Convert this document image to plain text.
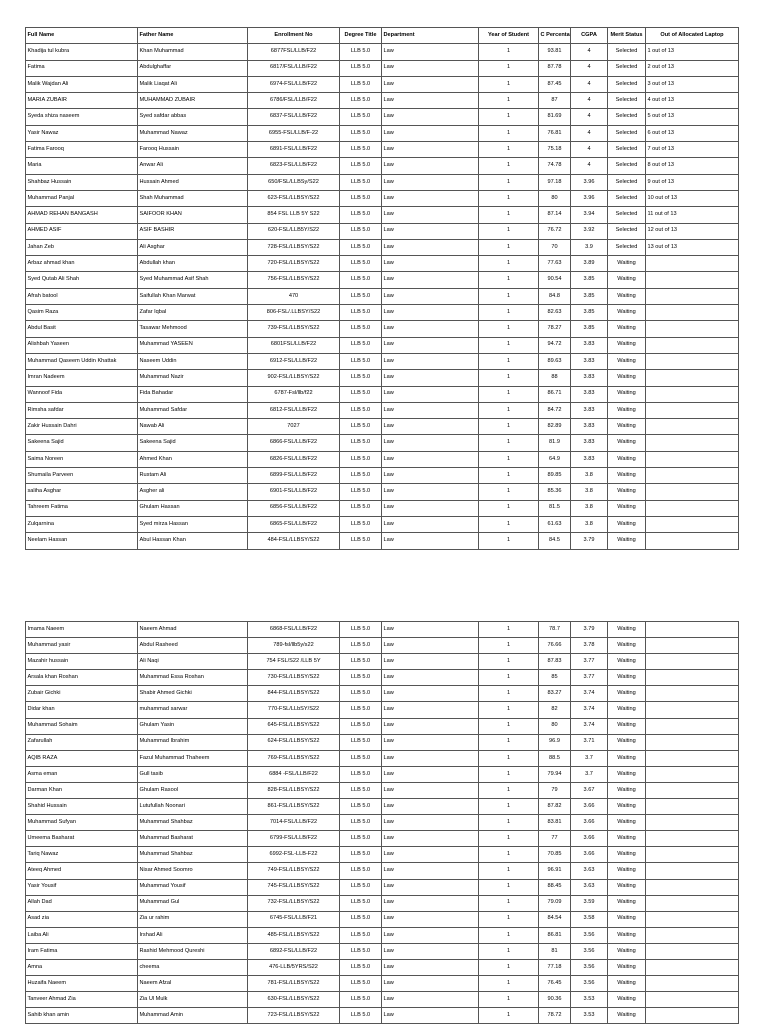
Full Name	Father Name	Enrollment No	Degree Title	Department	Year of Student	C Percenta	CGPA	Merit Status	Out of Allocated Laptop
Khadija tul kubra	Khan Muhammad	6877FSL/LLB/F22	LLB 5.0	Law	1	93.81	4	Selected	1 out of 13
Fatima	Abdulghaffar	6817/FSL/LLB/F22	LLB 5.0	Law	1	87.78	4	Selected	2 out of 13
Malik Wajdan Ali	Malik Liaqat Ali	6974-FSL/LLB/F22	LLB 5.0	Law	1	87.45	4	Selected	3 out of 13
MARIA ZUBAIR	MUHAMMAD ZUBAIR	6786/FSL/LLB/F22	LLB 5.0	Law	1	87	4	Selected	4 out of 13
Syeda shiza naseem	Syed safdar abbas	6837-FSL/LLB/F22	LLB 5.0	Law	1	81.69	4	Selected	5 out of 13
Yasir Nawaz	Muhammad Nawaz	6955-FSL/LLB/F-22	LLB 5.0	Law	1	76.81	4	Selected	6 out of 13
Fatima Farooq	Farooq Hussain	6891-FSL/LLB/F22	LLB 5.0	Law	1	75.18	4	Selected	7 out of 13
Maria	Anwar Ali	6823-FSL/LLB/F22	LLB 5.0	Law	1	74.78	4	Selected	8 out of 13
Shahbaz Hussain	Hussain Ahmed	650/FSL/LLBSy/S22	LLB 5.0	Law	1	97.18	3.96	Selected	9 out of 13
Muhammad Panjal	Shah Muhammad	623-FSL/LLBSY/S22	LLB 5.0	Law	1	80	3.96	Selected	10 out of 13
AHMAD REHAN BANGASH	SAIFOOR KHAN	854 FSL LLB 5Y S22	LLB 5.0	Law	1	87.14	3.94	Selected	11 out of 13
AHMED ASIF	ASIF BASHIR	620-FSL/LLB5Y/S22	LLB 5.0	Law	1	76.72	3.92	Selected	12 out of 13
Jahan Zeb	Ali Asghar	728-FSL/LLBSY/S22	LLB 5.0	Law	1	70	3.9	Selected	13 out of 13
Arbaz ahmad khan	Abdullah khan	720-FSL/LLBSY/S22	LLB 5.0	Law	1	77.63	3.89	Waiting	
Syed Qutab Ali Shah	Syed Muhammad Asif Shah	756-FSL/LLBSY/S22	LLB 5.0	Law	1	90.54	3.85	Waiting	
Afrah batool	Saifullah Khan Marwat	470	LLB 5.0	Law	1	84.8	3.85	Waiting	
Qasim Raza	Zafar Iqbal	806-FSL/.LLBSY/S22	LLB 5.0	Law	1	82.63	3.85	Waiting	
Abdul Basit	Tasawar Mehmood	739-FSL/LLBSY/S22	LLB 5.0	Law	1	78.27	3.85	Waiting	
Alishbah Yaseen	Muhammad YASEEN	6801FSL/LLB/F22	LLB 5.0	Law	1	94.72	3.83	Waiting	
Muhammad Qaseem Uddin Khattak	Naseem Uddin	6912-FSL/LLB/F22	LLB 5.0	Law	1	89.63	3.83	Waiting	
Imran Nadeem	Muhammad Nazir	902-FSL/LLBSY/S22	LLB 5.0	Law	1	88	3.83	Waiting	
Wannoof Fida	Fida Bahadar	6787-Fsl/llb/f22	LLB 5.0	Law	1	86.71	3.83	Waiting	
Rimsha safdar	Muhammad Safdar	6812-FSL/LLB/F22	LLB 5.0	Law	1	84.72	3.83	Waiting	
Zakir Hussain Dahri	Nawab Ali	7027	LLB 5.0	Law	1	82.89	3.83	Waiting	
Sakeena Sajid	Sakeena Sajid	6866-FSL/LLB/F22	LLB 5.0	Law	1	81.9	3.83	Waiting	
Saima Noreen	Ahmed Khan	6826-FSL/LLB/F22	LLB 5.0	Law	1	64.9	3.83	Waiting	
Shumaila Parveen	Rustam Ali	6899-FSL/LLB/F22	LLB 5.0	Law	1	89.85	3.8	Waiting	
saliha Asghar	Asgher ali	6901-FSL/LLB/F22	LLB 5.0	Law	1	85.36	3.8	Waiting	
Tahreem Fatima	Ghulam Hassan	6856-FSL/LLB/F22	LLB 5.0	Law	1	81.5	3.8	Waiting	
Zulqarnina	Syed mirza Hassan	6865-FSL/LLB/F22	LLB 5.0	Law	1	61.63	3.8	Waiting	
Neelam Hassan	Abul Hassan Khan	484-FSL/LLBSY/S22	LLB 5.0	Law	1	84.5	3.79	Waiting	
Imama Naeem	Naeem Ahmad	6868-FSL/LLB/F22	LLB 5.0	Law	1	78.7	3.79	Waiting	
Muhammad yasir	Abdul Rasheed	789-fsl/llb5y/s22	LLB 5.0	Law	1	76.66	3.78	Waiting	
Mazahir hussain	Ali Naqi	754 FSL/S22 /LLB 5Y	LLB 5.0	Law	1	87.83	3.77	Waiting	
Arsala khan Roshan	Muhammad Essa Roshan	730-FSL/LLBSY/S22	LLB 5.0	Law	1	85	3.77	Waiting	
Zubair Gichki	Shabir Ahmed Gichki	844-FSL/LLBSY/S22	LLB 5.0	Law	1	83.27	3.74	Waiting	
Didar khan	muhammad sarwar	770-FSL/LLbSY/S22	LLB 5.0	Law	1	82	3.74	Waiting	
Muhammad Sohaim	Ghulam Yasin	645-FSL/LLBSY/S22	LLB 5.0	Law	1	80	3.74	Waiting	
Zafarullah	Muhammad Ibrahim	624-FSL/LLBSY/S22	LLB 5.0	Law	1	96.9	3.71	Waiting	
AQIB RAZA	Fazul Muhammad Thaheem	769-FSL/LLBSY/S22	LLB 5.0	Law	1	88.5	3.7	Waiting	
Asma eman	Gull tasib	6884 -FSL/LLB/F22	LLB 5.0	Law	1	79.94	3.7	Waiting	
Darman Khan	Ghulam Rasool	828-FSL/LLBSY/S22	LLB 5.0	Law	1	79	3.67	Waiting	
Shahid Hussain	Lutufullah Noonari	861-FSL/LLBSY/S22	LLB 5.0	Law	1	87.82	3.66	Waiting	
Muhammad Sufyan	Muhammad Shahbaz	7014-FSL/LLB/F22	LLB 5.0	Law	1	83.81	3.66	Waiting	
Umeema Basharat	Muhammad Basharat	6799-FSL/LLB/F22	LLB 5.0	Law	1	77	3.66	Waiting	
Tariq Nawaz	Muhammad Shahbaz	6992-FSL-LLB-F22	LLB 5.0	Law	1	70.85	3.66	Waiting	
Ateeq Ahmed	Nisar Ahmed Soomro	749-FSL/LLBSY/S22	LLB 5.0	Law	1	96.91	3.63	Waiting	
Yasir Yousif	Muhammad Yousif	745-FSL/LLBSY/S22	LLB 5.0	Law	1	88.45	3.63	Waiting	
Allah Dad	Muhammad Gul	732-FSL/LLBSY/S22	LLB 5.0	Law	1	79.09	3.59	Waiting	
Asad zia	Zia ur rahim	6745-FSL/LLB/F21	LLB 5.0	Law	1	84.54	3.58	Waiting	
Laiba Ali	Irshad Ali	485-FSL/LLBSY/S22	LLB 5.0	Law	1	86.81	3.56	Waiting	
Iram Fatima	Rashid Mehmood Qureshi	6892-FSL/LLB/F22	LLB 5.0	Law	1	81	3.56	Waiting	
Amna	cheema	476-LLB/5YRS/S22	LLB 5.0	Law	1	77.18	3.56	Waiting	
Huzaifa Naeem	Naeem Afzal	781-FSL/LLBSY/S22	LLB 5.0	Law	1	76.45	3.56	Waiting	
Tanveer Ahmad Zia	Zia Ul Mulk	630-FSL/LLBSY/S22	LLB 5.0	Law	1	90.36	3.53	Waiting	
Sahib khan amin	Muhammad Amin	723-FSL/LLBSY/S22	LLB 5.0	Law	1	78.72	3.53	Waiting	
